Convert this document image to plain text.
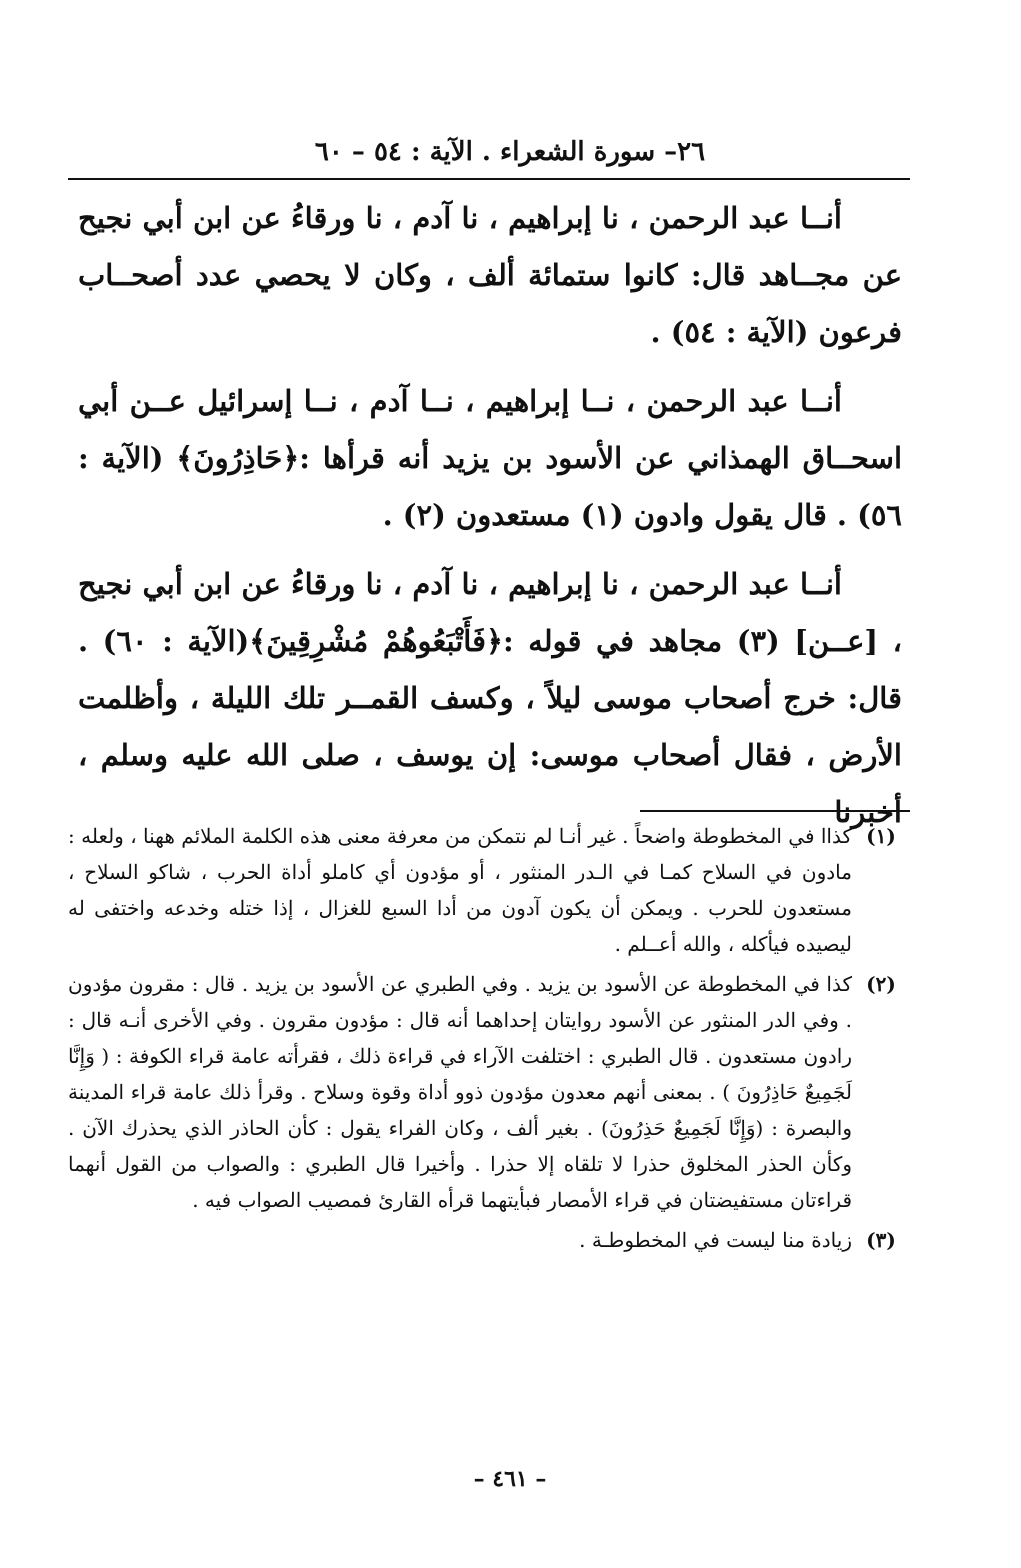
٢٦– سورة الشعراء . الآية : ٥٤ – ٦٠

أنــا عبد الرحمن ، نا إبراهيم ، نا آدم ، نا ورقاءُ عن ابن أبي نجيح عن مجــاهد قال: كانوا ستمائة ألف ، وكان لا يحصي عدد أصحــاب فرعون (الآية : ٥٤) .

أنــا عبد الرحمن ، نــا إبراهيم ، نــا آدم ، نــا إسرائيل عــن أبي اسحــاق الهمذاني عن الأسود بن يزيد أنه قرأها :﴿حَاذِرُونَ﴾ (الآية : ٥٦) . قال يقول وادون (١) مستعدون (٢) .

أنــا عبد الرحمن ، نا إبراهيم ، نا آدم ، نا ورقاءُ عن ابن أبي نجيح ، [عــن] (٣) مجاهد في قوله :﴿فَأَتْبَعُوهُمْ مُشْرِقِينَ﴾(الآية : ٦٠) . قال: خرج أصحاب موسى ليلاً ، وكسف القمــر تلك الليلة ، وأظلمت الأرض ، فقال أصحاب موسى: إن يوسف ، صلى الله عليه وسلم ، أخبرنا

(١)
كذاا في المخطوطة واضحاً . غير أنـا لم نتمكن من معرفة معنى هذه الكلمة الملائم ههنا ، ولعله : مادون في السلاح كمـا في الـدر المنثور ، أو مؤدون أي كاملو أداة الحرب ، شاكو السلاح ، مستعدون للحرب . ويمكن أن يكون آدون من أدا السبع للغزال ، إذا ختله وخدعه واختفى له ليصيده فيأكله ، والله أعــلم .
(٢)
كذا في المخطوطة عن الأسود بن يزيد . وفي الطبري عن الأسود بن يزيد . قال : مقرون مؤدون . وفي الدر المنثور عن الأسود روايتان إحداهما أنه قال : مؤدون مقرون . وفي الأخرى أنـه قال : رادون مستعدون . قال الطبري : اختلفت الآراء في قراءة ذلك ، فقرأته عامة قراء الكوفة : ( وَإِنَّا لَجَمِيعٌ حَاذِرُونَ ) . بمعنى أنهم معدون مؤدون ذوو أداة وقوة وسلاح . وقرأ ذلك عامة قراء المدينة والبصرة : (وَإِنَّا لَجَمِيعٌ حَذِرُونَ) . بغير ألف ، وكان الفراء يقول : كأن الحاذر الذي يحذرك الآن . وكأن الحذر المخلوق حذرا لا تلقاه إلا حذرا . وأخيرا قال الطبري : والصواب من القول أنهما قراءتان مستفيضتان في قراء الأمصار فبأيتهما قرأه القارئ فمصيب الصواب فيه .
(٣)
زيادة منا ليست في المخطوطـة .
– ٤٦١ –
